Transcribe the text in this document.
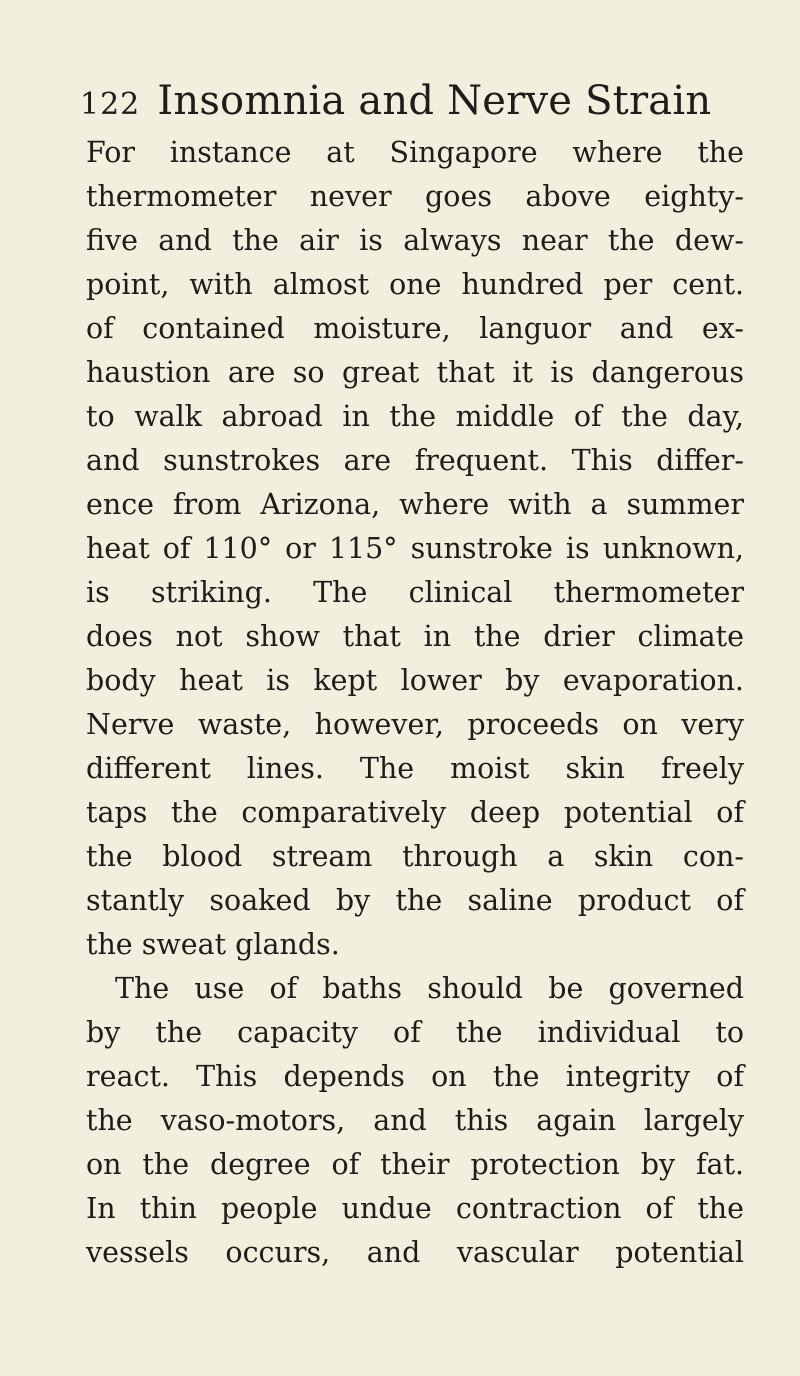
122 Insomnia and Nerve Strain
For instance at Singapore where the
thermometer never goes above eighty-
five and the air is always near the dew-
point, with almost one hundred per cent.
of contained moisture, languor and ex-
haustion are so great that it is dangerous
to walk abroad in the middle of the day,
and sunstrokes are frequent. This differ-
ence from Arizona, where with a summer
heat of 110° or 115° sunstroke is unknown,
is striking. The clinical thermometer
does not show that in the drier climate
body heat is kept lower by evaporation.
Nerve waste, however, proceeds on very
different lines. The moist skin freely
taps the comparatively deep potential of
the blood stream through a skin con-
stantly soaked by the saline product of
the sweat glands.
The use of baths should be governed
by the capacity of the individual to
react. This depends on the integrity of
the vaso-motors, and this again largely
on the degree of their protection by fat.
In thin people undue contraction of the
vessels occurs, and vascular potential
